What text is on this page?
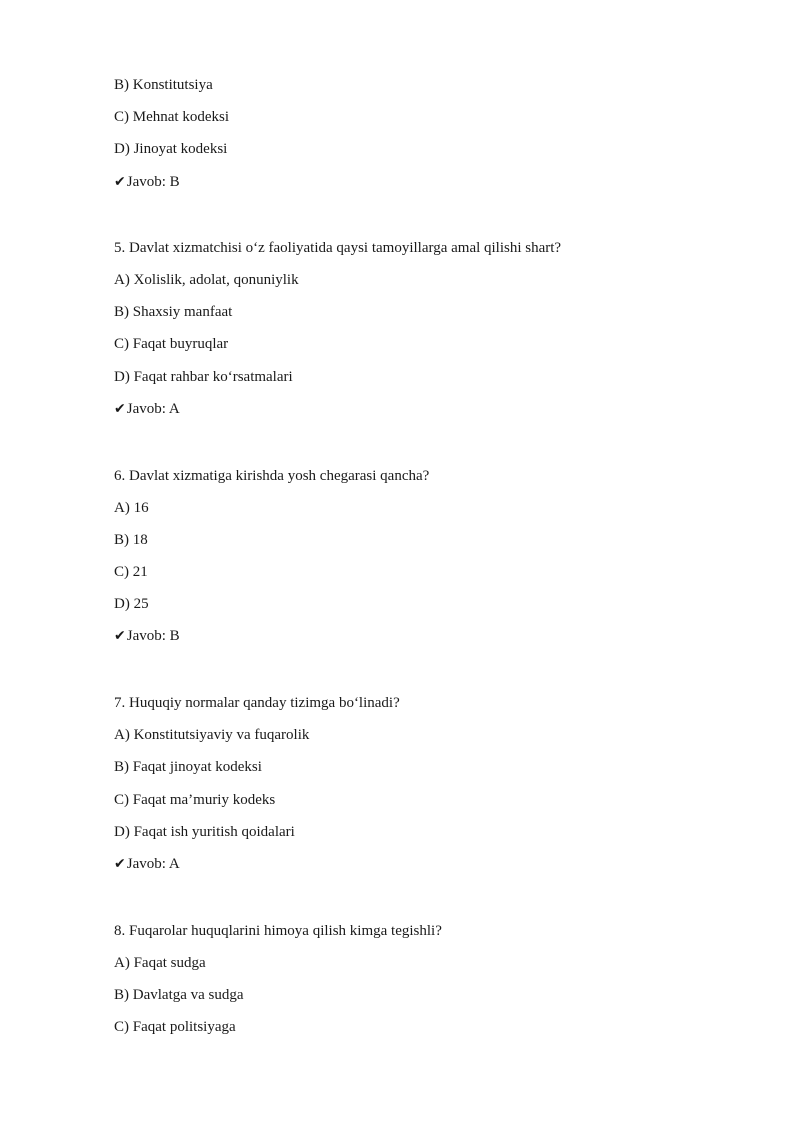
B) Konstitutsiya
C) Mehnat kodeksi
D) Jinoyat kodeksi
✔Javob: B
5. Davlat xizmatchisi o‘z faoliyatida qaysi tamoyillarga amal qilishi shart?
A) Xolislik, adolat, qonuniylik
B) Shaxsiy manfaat
C) Faqat buyruqlar
D) Faqat rahbar ko‘rsatmalari
✔Javob: A
6. Davlat xizmatiga kirishda yosh chegarasi qancha?
A) 16
B) 18
C) 21
D) 25
✔Javob: B
7. Huquqiy normalar qanday tizimga bo‘linadi?
A) Konstitutsiyaviy va fuqarolik
B) Faqat jinoyat kodeksi
C) Faqat ma’muriy kodeks
D) Faqat ish yuritish qoidalari
✔Javob: A
8. Fuqarolar huquqlarini himoya qilish kimga tegishli?
A) Faqat sudga
B) Davlatga va sudga
C) Faqat politsiyaga
